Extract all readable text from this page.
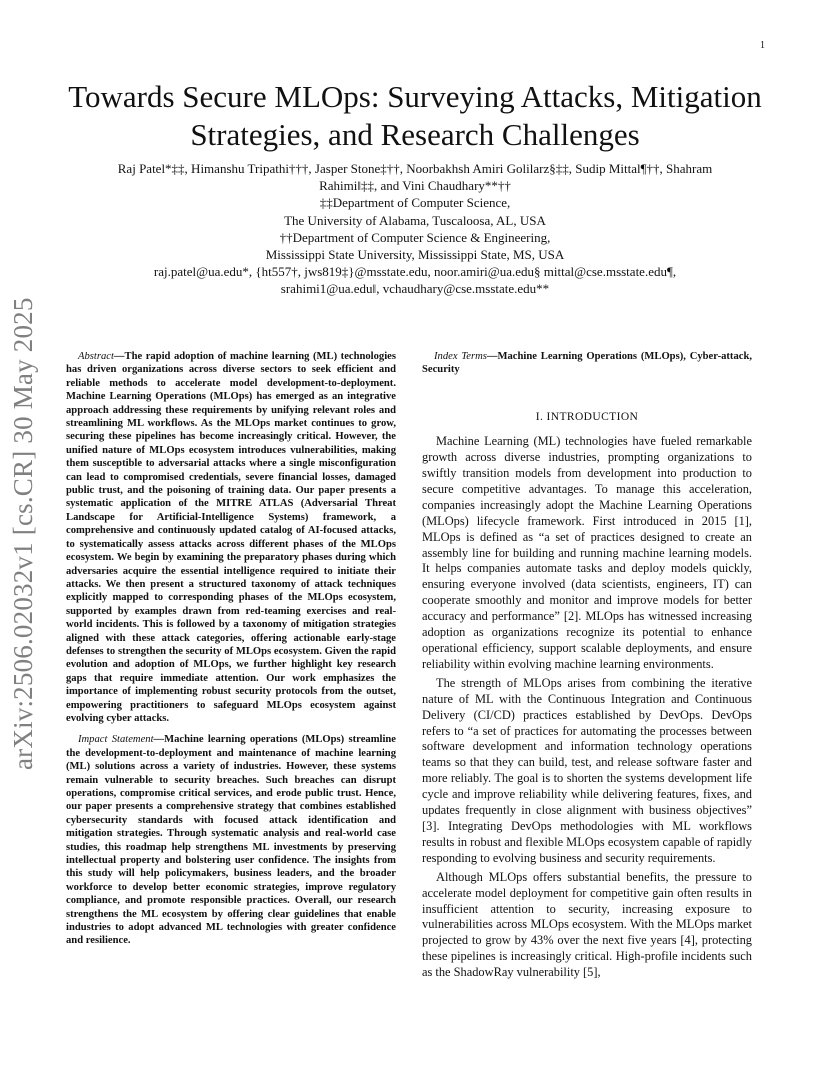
1
arXiv:2506.02032v1 [cs.CR] 30 May 2025
Towards Secure MLOps: Surveying Attacks, Mitigation Strategies, and Research Challenges
Raj Patel*‡‡, Himanshu Tripathi†††, Jasper Stone‡††, Noorbakhsh Amiri Golilarz§‡‡, Sudip Mittal¶††, Shahram
Rahimi‖‡‡, and Vini Chaudhary**††
‡‡Department of Computer Science,
The University of Alabama, Tuscaloosa, AL, USA
††Department of Computer Science & Engineering,
Mississippi State University, Mississippi State, MS, USA
raj.patel@ua.edu*, {ht557†, jws819‡}@msstate.edu, noor.amiri@ua.edu§ mittal@cse.msstate.edu¶,
srahimi1@ua.edu‖, vchaudhary@cse.msstate.edu**

Abstract—The rapid adoption of machine learning (ML) technologies has driven organizations across diverse sectors to seek efficient and reliable methods to accelerate model development-to-deployment. Machine Learning Operations (MLOps) has emerged as an integrative approach addressing these requirements by unifying relevant roles and streamlining ML workflows. As the MLOps market continues to grow, securing these pipelines has become increasingly critical. However, the unified nature of MLOps ecosystem introduces vulnerabilities, making them susceptible to adversarial attacks where a single misconfiguration can lead to compromised credentials, severe financial losses, damaged public trust, and the poisoning of training data. Our paper presents a systematic application of the MITRE ATLAS (Adversarial Threat Landscape for Artificial-Intelligence Systems) framework, a comprehensive and continuously updated catalog of AI-focused attacks, to systematically assess attacks across different phases of the MLOps ecosystem. We begin by examining the preparatory phases during which adversaries acquire the essential intelligence required to initiate their attacks. We then present a structured taxonomy of attack techniques explicitly mapped to corresponding phases of the MLOps ecosystem, supported by examples drawn from red-teaming exercises and real-world incidents. This is followed by a taxonomy of mitigation strategies aligned with these attack categories, offering actionable early-stage defenses to strengthen the security of MLOps ecosystem. Given the rapid evolution and adoption of MLOps, we further highlight key research gaps that require immediate attention. Our work emphasizes the importance of implementing robust security protocols from the outset, empowering practitioners to safeguard MLOps ecosystem against evolving cyber attacks.

Impact Statement—Machine learning operations (MLOps) streamline the development-to-deployment and maintenance of machine learning (ML) solutions across a variety of industries. However, these systems remain vulnerable to security breaches. Such breaches can disrupt operations, compromise critical services, and erode public trust. Hence, our paper presents a comprehensive strategy that combines established cybersecurity standards with focused attack identification and mitigation strategies. Through systematic analysis and real-world case studies, this roadmap help strengthens ML investments by preserving intellectual property and bolstering user confidence. The insights from this study will help policymakers, business leaders, and the broader workforce to develop better economic strategies, improve regulatory compliance, and promote responsible practices. Overall, our research strengthens the ML ecosystem by offering clear guidelines that enable industries to adopt advanced ML technologies with greater confidence and resilience.

Index Terms—Machine Learning Operations (MLOps), Cyber-attack, Security

I. INTRODUCTION

Machine Learning (ML) technologies have fueled remarkable growth across diverse industries, prompting organizations to swiftly transition models from development into production to secure competitive advantages. To manage this acceleration, companies increasingly adopt the Machine Learning Operations (MLOps) lifecycle framework. First introduced in 2015 [1], MLOps is defined as “a set of practices designed to create an assembly line for building and running machine learning models. It helps companies automate tasks and deploy models quickly, ensuring everyone involved (data scientists, engineers, IT) can cooperate smoothly and monitor and improve models for better accuracy and performance” [2]. MLOps has witnessed increasing adoption as organizations recognize its potential to enhance operational efficiency, support scalable deployments, and ensure reliability within evolving machine learning environments.

The strength of MLOps arises from combining the iterative nature of ML with the Continuous Integration and Continuous Delivery (CI/CD) practices established by DevOps. DevOps refers to “a set of practices for automating the processes between software development and information technology operations teams so that they can build, test, and release software faster and more reliably. The goal is to shorten the systems development life cycle and improve reliability while delivering features, fixes, and updates frequently in close alignment with business objectives” [3]. Integrating DevOps methodologies with ML workflows results in robust and flexible MLOps ecosystem capable of rapidly responding to evolving business and security requirements.

Although MLOps offers substantial benefits, the pressure to accelerate model deployment for competitive gain often results in insufficient attention to security, increasing exposure to vulnerabilities across MLOps ecosystem. With the MLOps market projected to grow by 43% over the next five years [4], protecting these pipelines is increasingly critical. High-profile incidents such as the ShadowRay vulnerability [5],
